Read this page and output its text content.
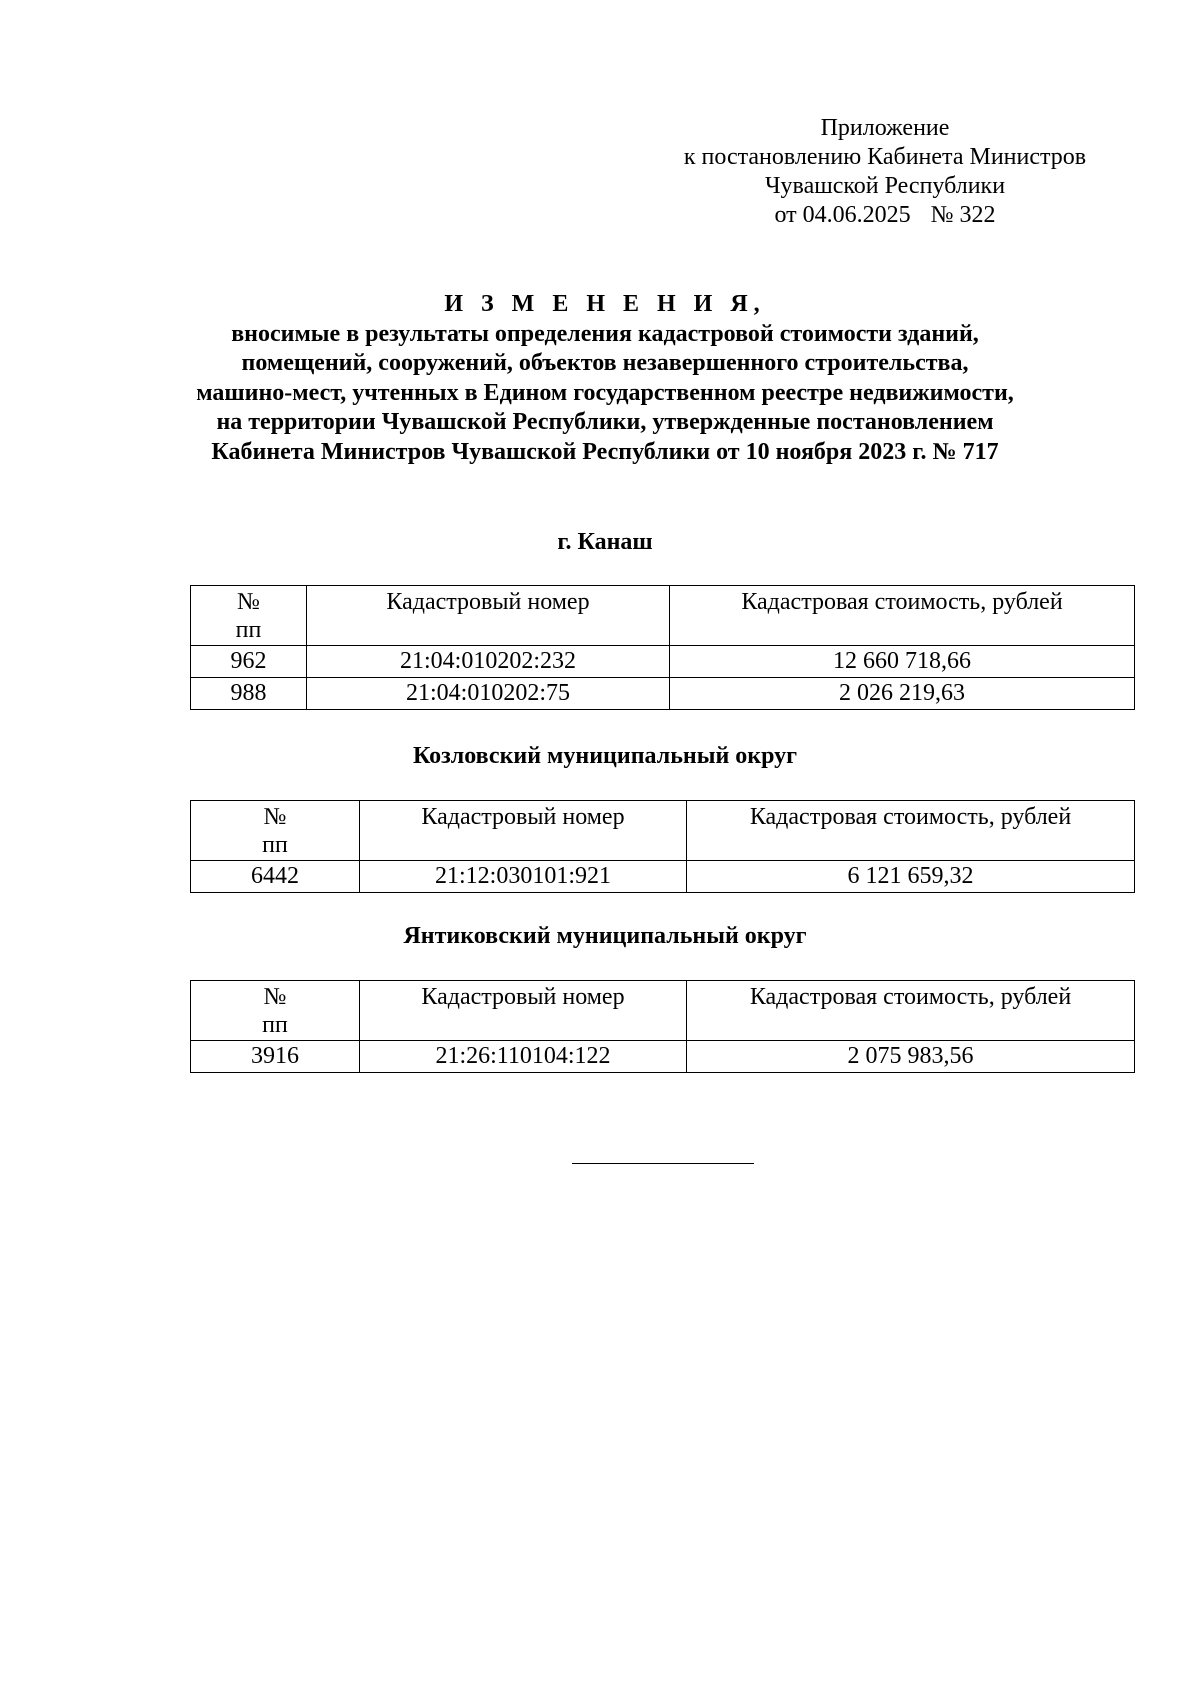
Приложение
к постановлению Кабинета Министров
Чувашской Республики
от 04.06.2025 № 322
И З М Е Н Е Н И Я,
вносимые в результаты определения кадастровой стоимости зданий,
помещений, сооружений, объектов незавершенного строительства,
машино-мест, учтенных в Едином государственном реестре недвижимости,
на территории Чувашской Республики, утвержденные постановлением
Кабинета Министров Чувашской Республики от 10 ноября 2023 г. № 717
г. Канаш
№
пп	Кадастровый номер	Кадастровая стоимость, рублей
962	21:04:010202:232	12 660 718,66
988	21:04:010202:75	2 026 219,63
Козловский муниципальный округ
№
пп	Кадастровый номер	Кадастровая стоимость, рублей
6442	21:12:030101:921	6 121 659,32
Янтиковский муниципальный округ
№
пп	Кадастровый номер	Кадастровая стоимость, рублей
3916	21:26:110104:122	2 075 983,56
